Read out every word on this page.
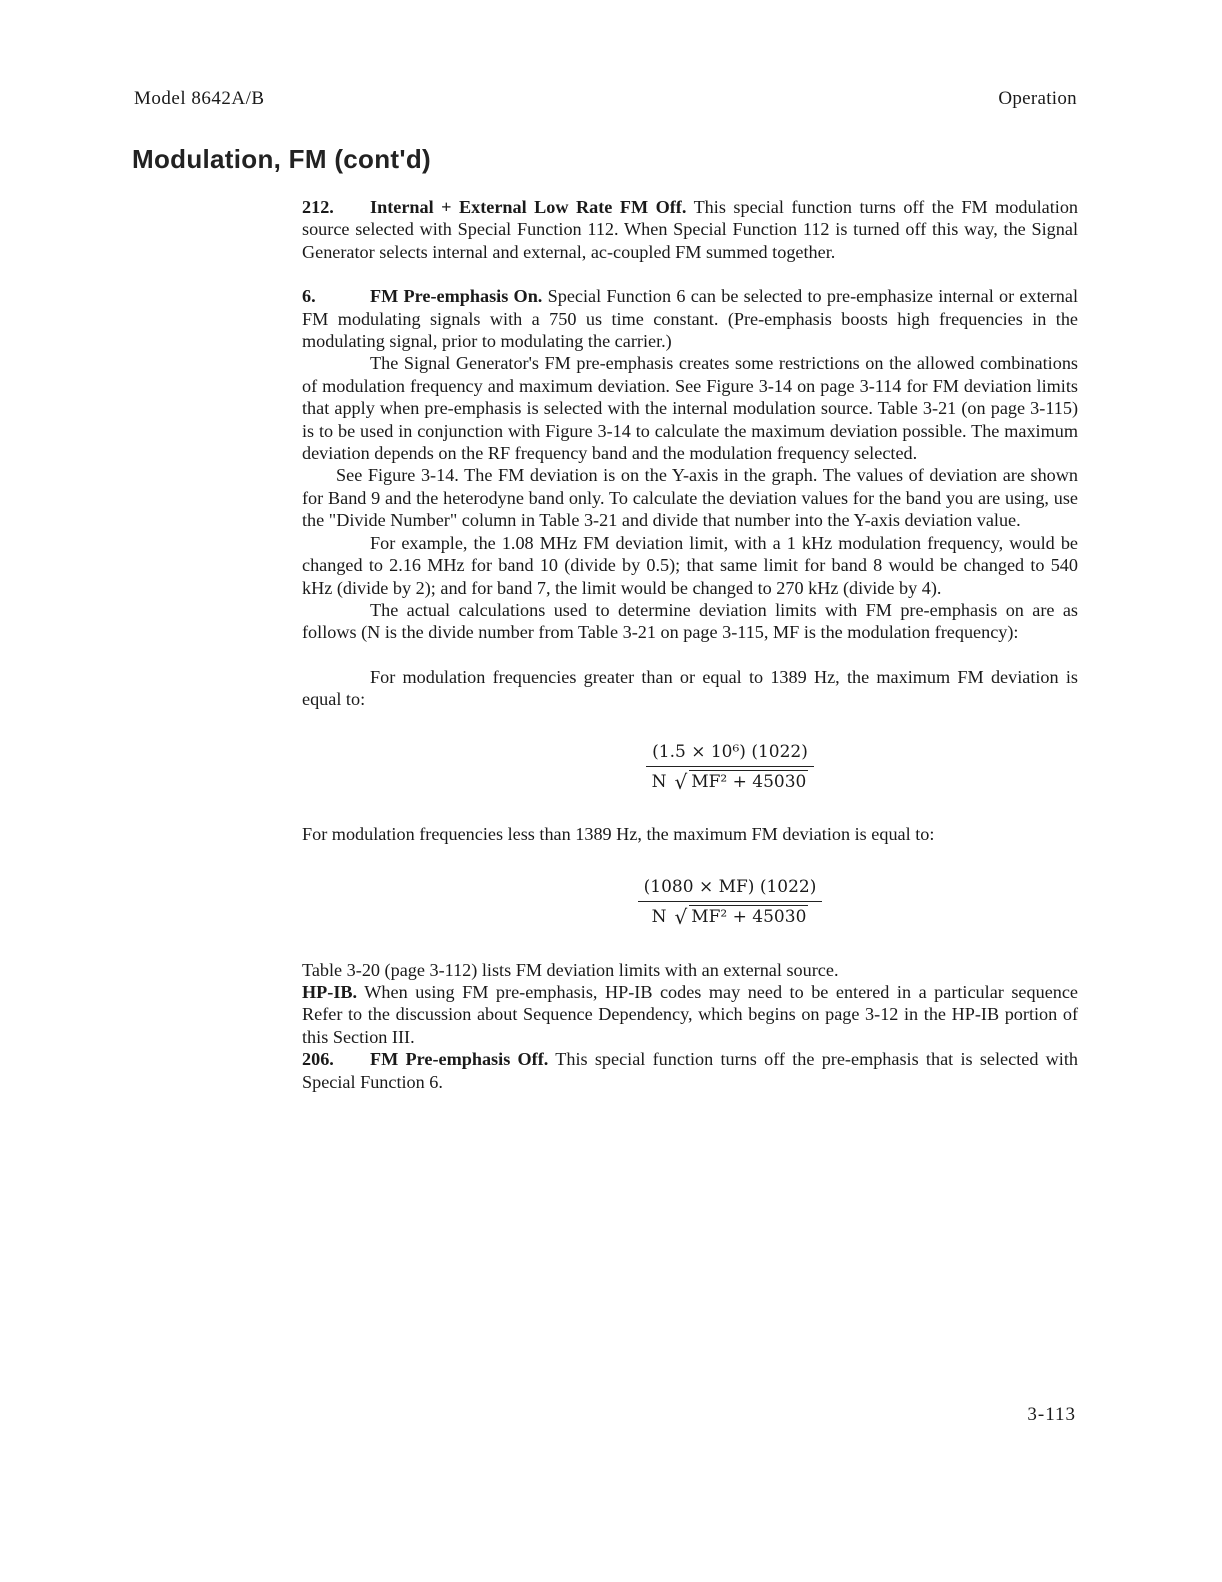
Model 8642A/B	Operation
Modulation, FM (cont'd)

212. Internal + External Low Rate FM Off. This special function turns off the FM modulation source selected with Special Function 112. When Special Function 112 is turned off this way, the Signal Generator selects internal and external, ac-coupled FM summed together.

6.	FM Pre-emphasis On. Special Function 6 can be selected to pre-emphasize internal or external FM modulating signals with a 750 us time constant. (Pre-emphasis boosts high frequencies in the modulating signal, prior to modulating the carrier.)

The Signal Generator's FM pre-emphasis creates some restrictions on the allowed combinations of modulation frequency and maximum deviation. See Figure 3-14 on page 3-114 for FM deviation limits that apply when pre-emphasis is selected with the internal modulation source. Table 3-21 (on page 3-115) is to be used in conjunction with Figure 3-14 to calculate the maximum deviation possible. The maximum deviation depends on the RF frequency band and the modulation frequency selected.

See Figure 3-14. The FM deviation is on the Y-axis in the graph. The values of deviation are shown for Band 9 and the heterodyne band only. To calculate the deviation values for the band you are using, use the "Divide Number" column in Table 3-21 and divide that number into the Y-axis deviation value.

For example, the 1.08 MHz FM deviation limit, with a 1 kHz modulation frequency, would be changed to 2.16 MHz for band 10 (divide by 0.5); that same limit for band 8 would be changed to 540 kHz (divide by 2); and for band 7, the limit would be changed to 270 kHz (divide by 4).

The actual calculations used to determine deviation limits with FM pre-emphasis on are as follows (N is the divide number from Table 3-21 on page 3-115, MF is the modulation frequency):

For modulation frequencies greater than or equal to 1389 Hz, the maximum FM deviation is equal to:

$\frac{\text{(1.5 × 10⁶) (1022)}}{\text{N √ MF² + 45030}}$

For modulation frequencies less than 1389 Hz, the maximum FM deviation is equal to:

$\frac{(1080 \times MF) (1022)}{\text{N √ MF² + 45030}}$

Table 3-20 (page 3-112) lists FM deviation limits with an external source.

HP-IB. When using FM pre-emphasis, HP-IB codes may need to be entered in a particular sequence Refer to the discussion about Sequence Dependency, which begins on page 3-12 in the HP-IB portion of this Section III.

206. FM Pre-emphasis Off. This special function turns off the pre-emphasis that is selected with Special Function 6.

3-113
